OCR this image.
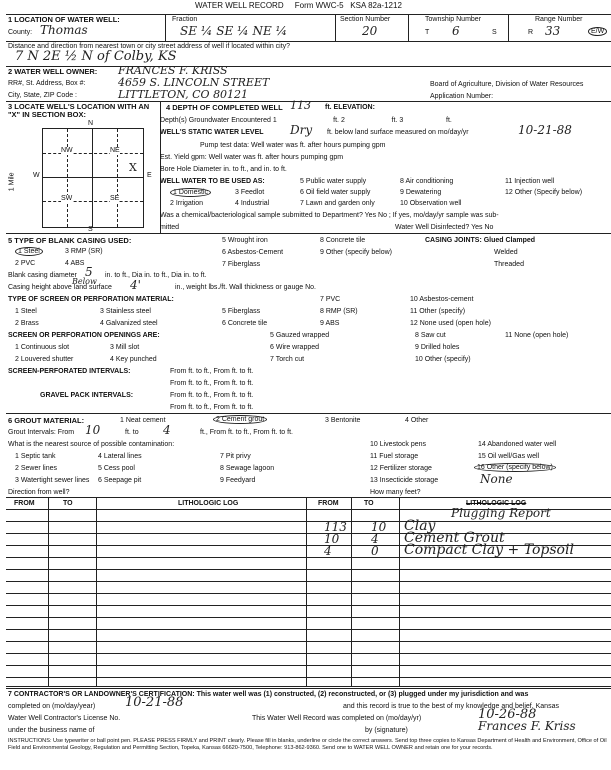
WATER WELL RECORD Form WWC-5 KSA 82a-1212
1 LOCATION OF WATER WELL:
County: Thomas
Fraction
SE ¼ SE ¼ NE ¼
Section Number
20
Township Number
T 6	S
Range Number
R 33	E/W
Distance and direction from nearest town or city street address of well if located within city?
7 N 2E ½ N of Colby, KS
2 WATER WELL OWNER: FRANCES F. KRISS
RR#, St. Address, Box #:	4659 S. LINCOLN STREET
City, State, ZIP Code :	LITTLETON, CO 80121
Board of Agriculture, Division of Water Resources
Application Number:
3 LOCATE WELL'S LOCATION WITH AN "X" IN SECTION BOX:
N
S
W	E
1 Mile
NW	NE
SW	SE
X
4 DEPTH OF COMPLETED WELL 113 ft. ELEVATION:
Depth(s) Groundwater Encountered 1	ft. 2	ft. 3	ft.
WELL'S STATIC WATER LEVEL Dry ft. below land surface measured on mo/day/yr	10-21-88
Pump test data: Well water was ft. after hours pumping gpm
Est. Yield gpm: Well water was ft. after hours pumping gpm
Bore Hole Diameter in. to ft., and in. to ft.
WELL WATER TO BE USED AS:
1 Domestic	3 Feedlot
5 Public water supply	8 Air conditioning	11 Injection well
2 Irrigation	4 Industrial
6 Oil field water supply	9 Dewatering	12 Other (Specify below)
7 Lawn and garden only	10 Observation well
Was a chemical/bacteriological sample submitted to Department? Yes No ; If yes, mo/day/yr sample was sub-
mitted	Water Well Disinfected? Yes No
5 TYPE OF BLANK CASING USED:
1 Steel	3 RMP (SR)
5 Wrought iron	8 Concrete tile
2 PVC	4 ABS
6 Asbestos-Cement	9 Other (specify below)
7 Fiberglass
CASING JOINTS: Glued Clamped
Welded
Threaded
Blank casing diameter 5
Below
in. to ft., Dia in. to ft., Dia in. to ft.
Casing height above land surface 4'	in., weight lbs./ft. Wall thickness or gauge No.
TYPE OF SCREEN OR PERFORATION MATERIAL:
1 Steel	3 Stainless steel	5 Fiberglass
7 PVC	10 Asbestos-cement
2 Brass	4 Galvanized steel	6 Concrete tile
8 RMP (SR)	11 Other (specify)
9 ABS	12 None used (open hole)
SCREEN OR PERFORATION OPENINGS ARE:
1 Continuous slot	3 Mill slot
5 Gauzed wrapped	8 Saw cut	11 None (open hole)
2 Louvered shutter	4 Key punched
6 Wire wrapped	9 Drilled holes
7 Torch cut	10 Other (specify)
SCREEN-PERFORATED INTERVALS:	From ft. to ft., From ft. to ft.
From ft. to ft., From ft. to ft.
GRAVEL PACK INTERVALS:	From ft. to ft., From ft. to ft.
From ft. to ft., From ft. to ft.
6 GROUT MATERIAL:	1 Neat cement	2 Cement grout	3 Bentonite	4 Other
Grout Intervals: From 10	ft. to 4	ft., From ft. to ft., From ft. to ft.
What is the nearest source of possible contamination:
1 Septic tank	4 Lateral lines	7 Pit privy
10 Livestock pens	14 Abandoned water well
2 Sewer lines	5 Cess pool	8 Sewage lagoon
11 Fuel storage	15 Oil well/Gas well
3 Watertight sewer lines 6 Seepage pit	9 Feedyard
12 Fertilizer storage	16 Other (specify below)
13 Insecticide storage	None
Direction from well?	How many feet?
FROM	TO	LITHOLOGIC LOG	FROM	TO	LITHOLOGIC LOG
Plugging Report
113 10 Clay
10	4 Cement Grout
4	0 Compact Clay + Topsoil
7 CONTRACTOR'S OR LANDOWNER'S CERTIFICATION: This water well was (1) constructed, (2) reconstructed, or (3) plugged under my jurisdiction and was
completed on (mo/day/year) 10-21-88	and this record is true to the best of my knowledge and belief. Kansas
Water Well Contractor's License No.	This Water Well Record was completed on (mo/day/yr)	10-26-88
under the business name of	by (signature)	Frances F. Kriss
INSTRUCTIONS: Use typewriter or ball point pen. PLEASE PRESS FIRMLY and PRINT clearly. Please fill in blanks, underline or circle the correct answers. Send top three copies to Kansas Department of Health and Environment, Office of Oil Field and Environmental Geology, Regulation and Permitting Section, Topeka, Kansas 66620-7500, Telephone: 913-862-9360. Send one to WATER WELL OWNER and retain one for your records.
